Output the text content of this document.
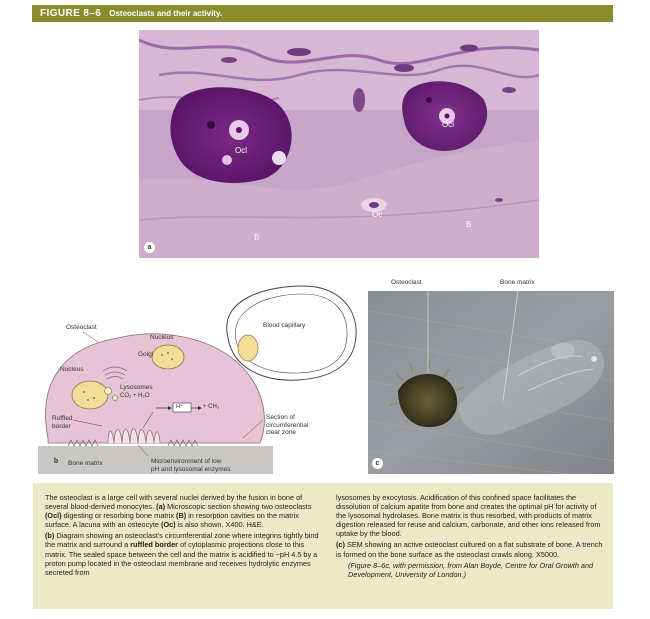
FIGURE 8–6 Osteoclasts and their activity.
Ocl
Ocl
Oc
B
B
a
Osteoclast
Nucleus
Golgi
Nucleus
Lysosomes
CO₂ + H₂O
H⁺	+ CH₃
Ruffled
border
Blood capillary
Section of
circumferential
clear zone
Bone matrix	Microenvironment of low
pH and lysosomal enzymes
b
Osteoclast	Bone matrix
c

The osteoclast is a large cell with several nuclei derived by the fusion in bone of several blood-derived monocytes. (a) Microscopic section showing two osteoclasts (Ocl) digesting or resorbing bone matrix (B) in resorption cavities on the matrix surface. A lacuna with an osteocyte (Oc) is also shown. X400. H&E.

(b) Diagram showing an osteoclast's circumferential zone where integrins tightly bind the matrix and surround a ruffled border of cytoplasmic projections close to this matrix. The sealed space between the cell and the matrix is acidified to ~pH 4.5 by a proton pump located in the osteoclast membrane and receives hydrolytic enzymes secreted from

lysosomes by exocytosis. Acidification of this confined space facilitates the dissolution of calcium apatite from bone and creates the optimal pH for activity of the lysosomal hydrolases. Bone matrix is thus resorbed, with products of matrix digestion released for reuse and calcium, carbonate, and other ions released from uptake by the blood.

(c) SEM showing an active osteoclast cultured on a flat substrate of bone. A trench is formed on the bone surface as the osteoclast crawls along. X5000.

(Figure 8–6c, with permission, from Alan Boyde, Centre for Oral Growth and Development, University of London.)
